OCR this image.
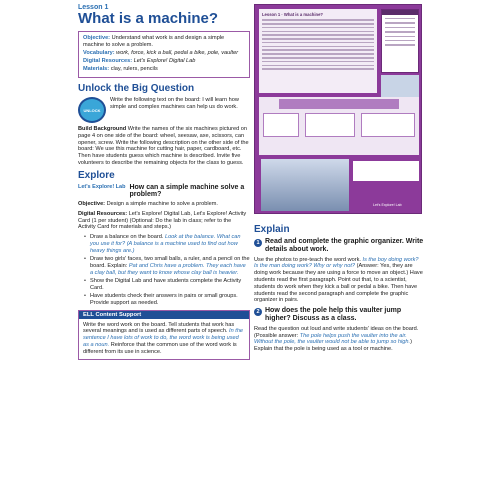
Lesson 1
What is a machine?

Objective: Understand what work is and design a simple machine to solve a problem.

Vocabulary: work, force, kick a ball, pedal a bike, pole, vaulter

Digital Resources: Let's Explore! Digital Lab

Materials: clay, rulers, pencils

Unlock the Big Question
UNLOCK
Write the following text on the board: I will learn how simple and complex machines can help us do work.
Build Background Write the names of the six machines pictured on page 4 on one side of the board: wheel, seesaw, axe, scissors, can opener, screw. Write the following description on the other side of the board: We use this machine for cutting hair, paper, cardboard, etc. Then have students guess which machine is described. Invite five volunteers to describe the remaining objects for the class to guess.
Explore
Let's Explore! Lab How can a simple machine solve a problem?
Objective: Design a simple machine to solve a problem.
Digital Resources: Let's Explore! Digital Lab, Let's Explore! Activity Card (1 per student) (Optional: Do the lab in class; refer to the Activity Card for materials and steps.)
• Draw a balance on the board. Look at the balance. What can you use it for? (A balance is a machine used to find out how heavy things are.)
• Draw two girls' faces, two small balls, a ruler, and a pencil on the board. Explain: Pat and Chris have a problem. They each have a clay ball, but they want to know whose clay ball is heavier.
• Show the Digital Lab and have students complete the Activity Card.
• Have students check their answers in pairs or small groups. Provide support as needed.
ELL Content Support
Write the word work on the board. Tell students that work has several meanings and is used as different parts of speech. In the sentence I have lots of work to do, the word work is being used as a noun. Reinforce that the common use of the word work is different from its use in science.
Lesson 1 · What is a machine?
Let's Explore! Lab
Explain
1 Read and complete the graphic organizer. Write details about work.
Use the photos to pre-teach the word work. Is the boy doing work? Is the man doing work? Why or why not? (Answer: Yes, they are doing work because they are using a force to move an object.) Have students read the first paragraph. Point out that, to a scientist, students do work when they kick a ball or pedal a bike. Then have students read the second paragraph and complete the graphic organizer in pairs.
2 How does the pole help this vaulter jump higher? Discuss as a class.
Read the question out loud and write students' ideas on the board. (Possible answer: The pole helps push the vaulter into the air. Without the pole, the vaulter would not be able to jump so high.) Explain that the pole is being used as a tool or machine.
